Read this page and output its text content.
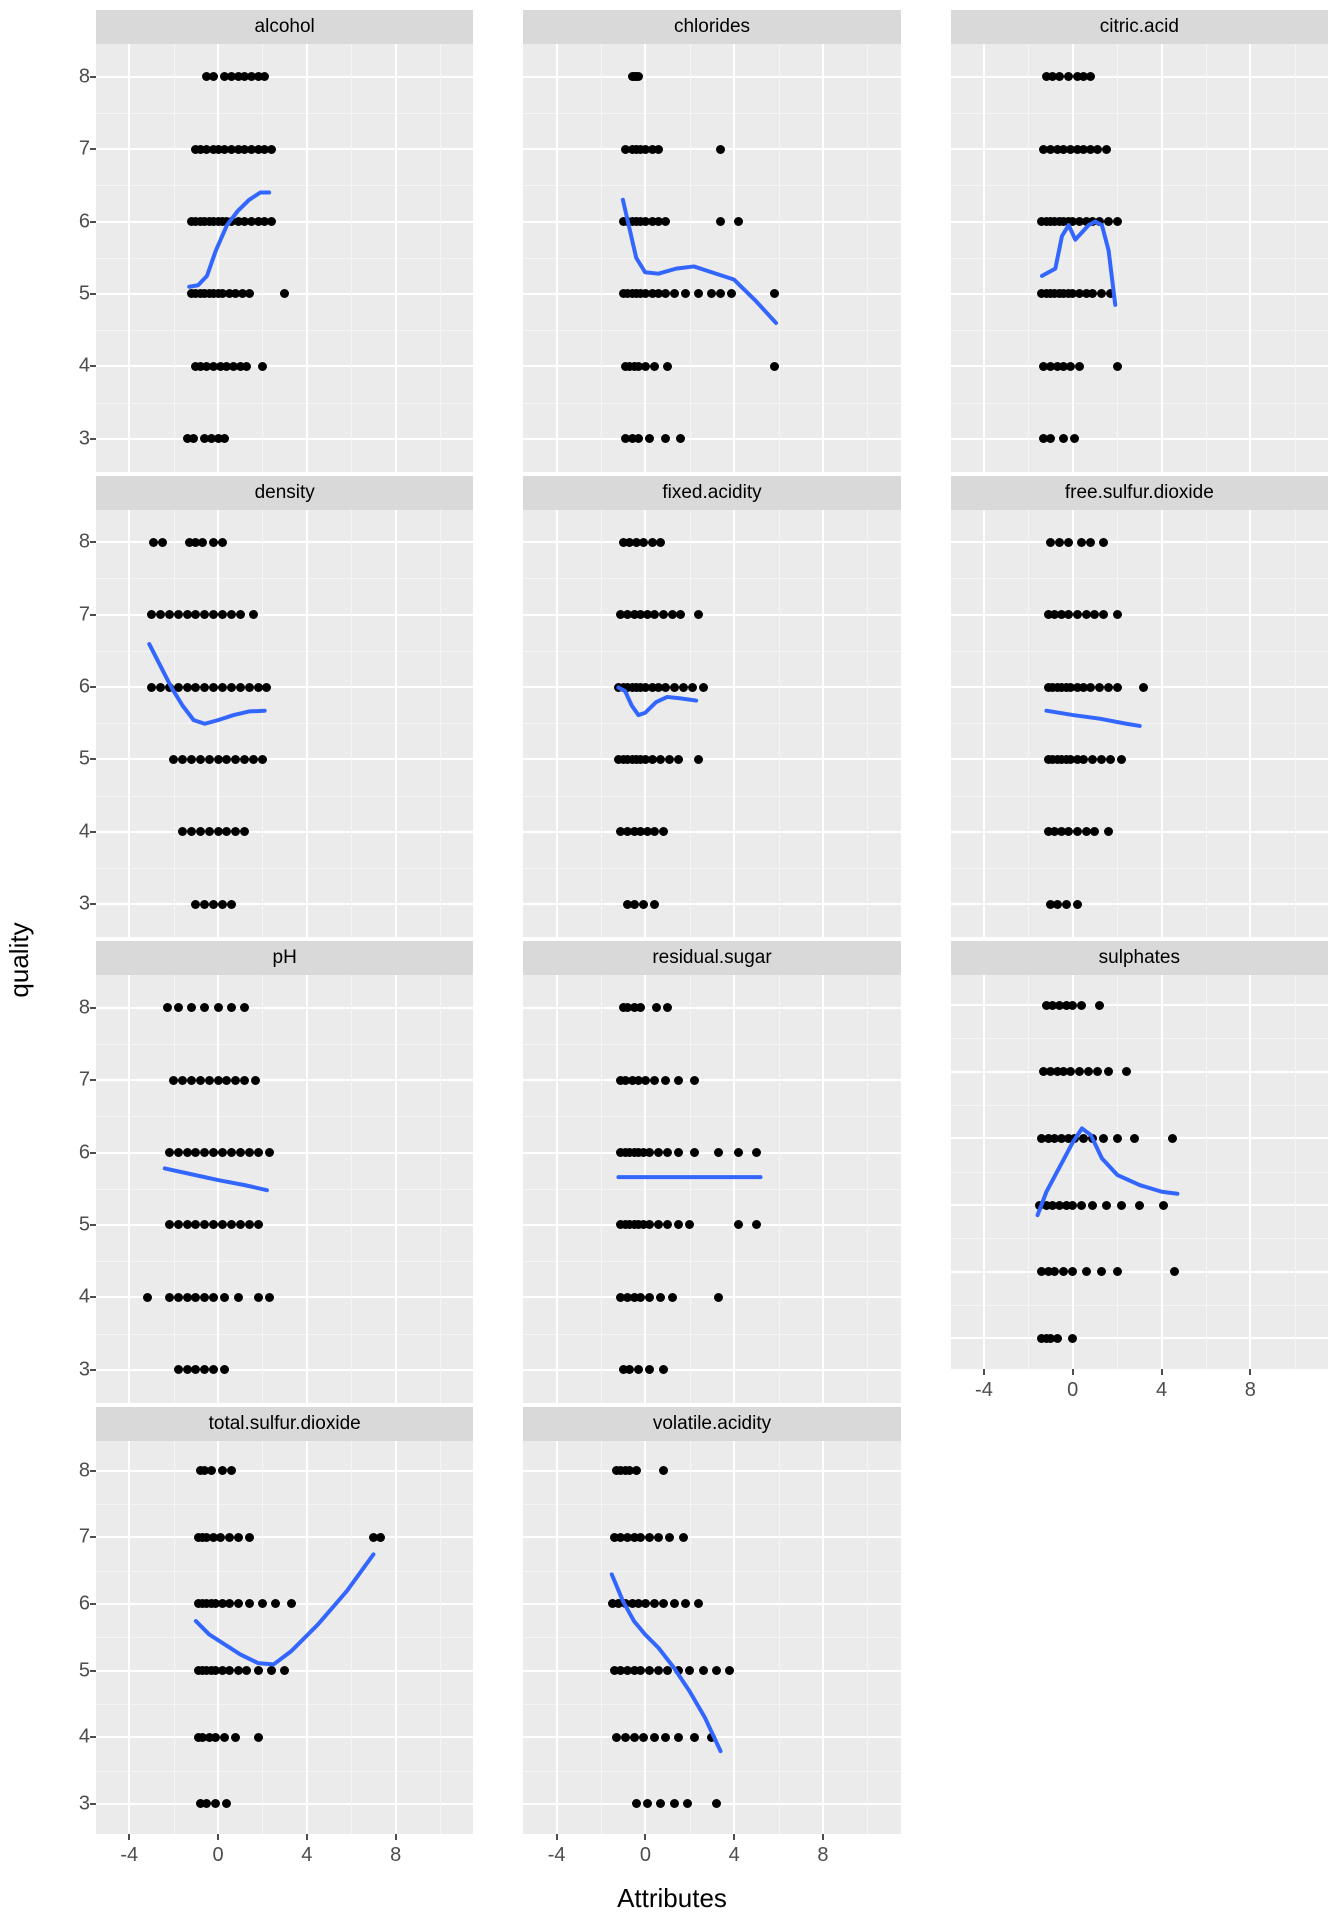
quality
Attributes
alcohol
3
4
5
6
7
8
chlorides	citric.acid
density
3
4
5
6
7
8
fixed.acidity	free.sulfur.dioxide
pH
3
4
5
6
7
8
residual.sugar	sulphates
-4	0	4	8
total.sulfur.dioxide
3
4
5
6
7
8
-4	0	4	8
volatile.acidity
-4	0	4	8
